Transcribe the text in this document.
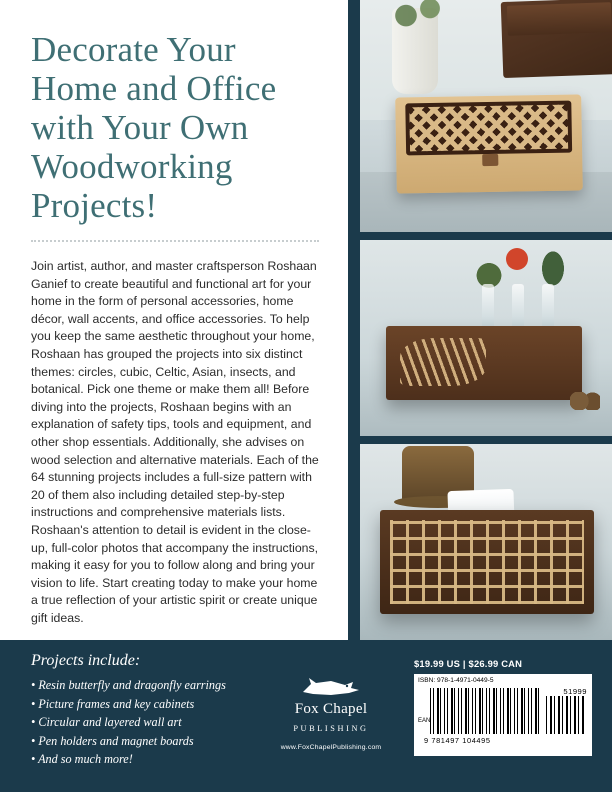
Decorate Your Home and Office with Your Own Woodworking Projects!
Join artist, author, and master craftsperson Roshaan Ganief to create beautiful and functional art for your home in the form of personal accessories, home décor, wall accents, and office accessories. To help you keep the same aesthetic throughout your home, Roshaan has grouped the projects into six distinct themes: circles, cubic, Celtic, Asian, insects, and botanical. Pick one theme or make them all! Before diving into the projects, Roshaan begins with an explanation of safety tips, tools and equipment, and other shop essentials. Additionally, she advises on wood selection and alternative materials. Each of the 64 stunning projects includes a full-size pattern with 20 of them also including detailed step-by-step instructions and comprehensive materials lists. Roshaan's attention to detail is evident in the close-up, full-color photos that accompany the instructions, making it easy for you to follow along and bring your vision to life. Start creating today to make your home a true reflection of your artistic spirit or create unique gift ideas.
Projects include:
• Resin butterfly and dragonfly earrings
• Picture frames and key cabinets
• Circular and layered wall art
• Pen holders and magnet boards
• And so much more!
Fox Chapel PUBLISHING www.FoxChapelPublishing.com
$19.99 US | $26.99 CAN
ISBN: 978-1-4971-0449-5
EAN
51999
9 781497 104495
